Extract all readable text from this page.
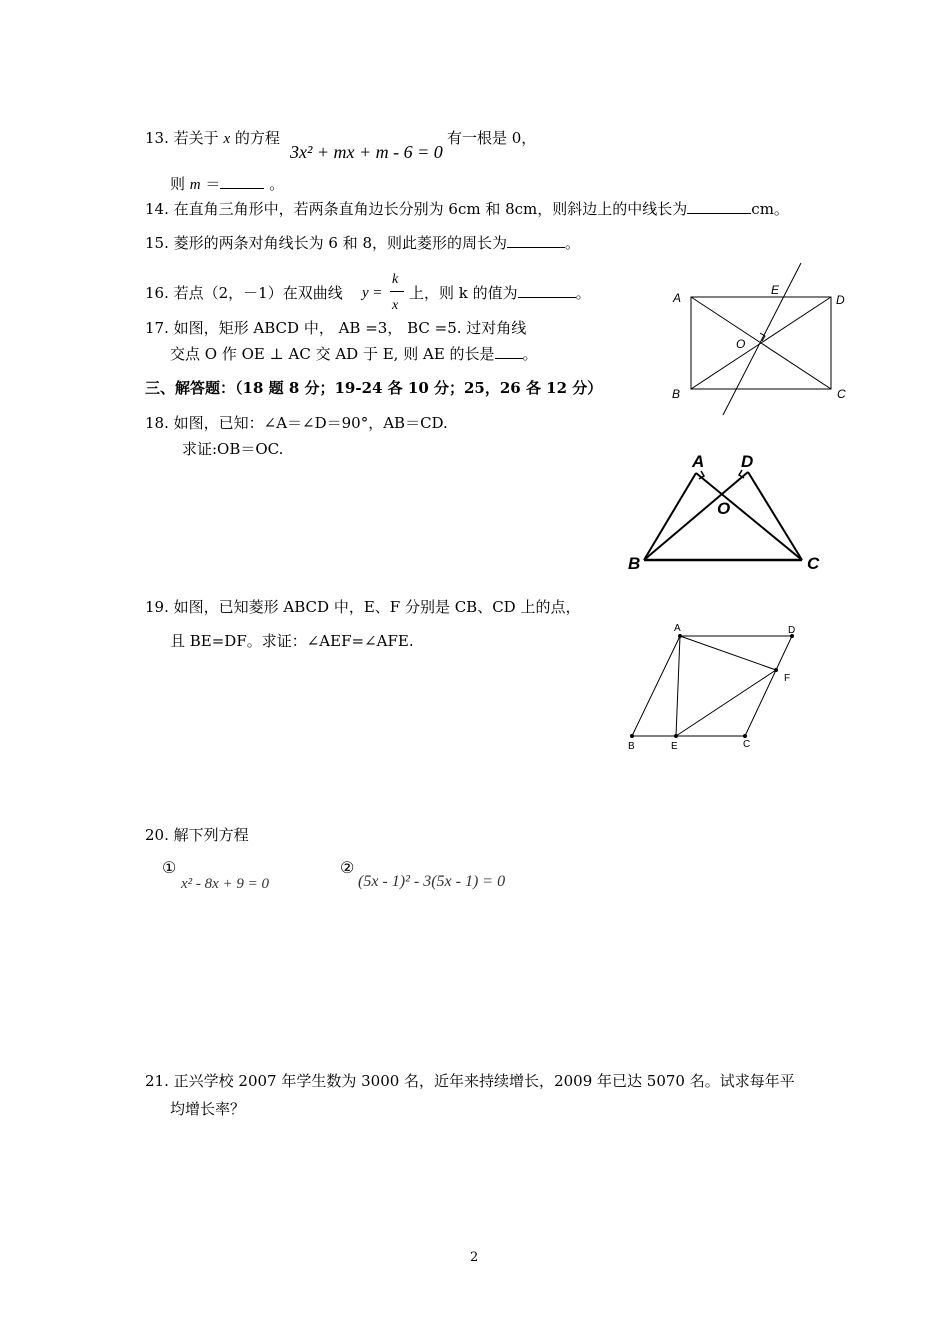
13. 若关于 x 的方程
3x² + mx + m - 6 = 0
有一根是 0，
则 m ＝	。
14. 在直角三角形中，若两条直角边长分别为 6cm 和 8cm，则斜边上的中线长为	cm。
15. 菱形的两条对角线长为 6 和 8，则此菱形的周长为	。
16. 若点（2，－1）在双曲线 y =
k
x
上，则 k 的值为	。
17. 如图，矩形 ABCD 中， AB =3， BC =5. 过对角线
交点 O 作 OE ⊥ AC 交 AD 于 E, 则 AE 的长是 。
A
E
D
O
B	C
三、解答题：（18 题 8 分；19-24 各 10 分；25，26 各 12 分）
18. 如图，已知：∠A＝∠D＝90°，AB＝CD.
求证:OB＝OC.
A D
O
B	C
19. 如图，已知菱形 ABCD 中，E、F 分别是 CB、CD 上的点，
且 BE=DF。求证：∠AEF=∠AFE.
A	D
F
B	E	C
20. 解下列方程
①
x² - 8x + 9 = 0
②
(5x - 1)² - 3(5x - 1) = 0
21. 正兴学校 2007 年学生数为 3000 名，近年来持续增长，2009 年已达 5070 名。试求每年平
均增长率？
2
